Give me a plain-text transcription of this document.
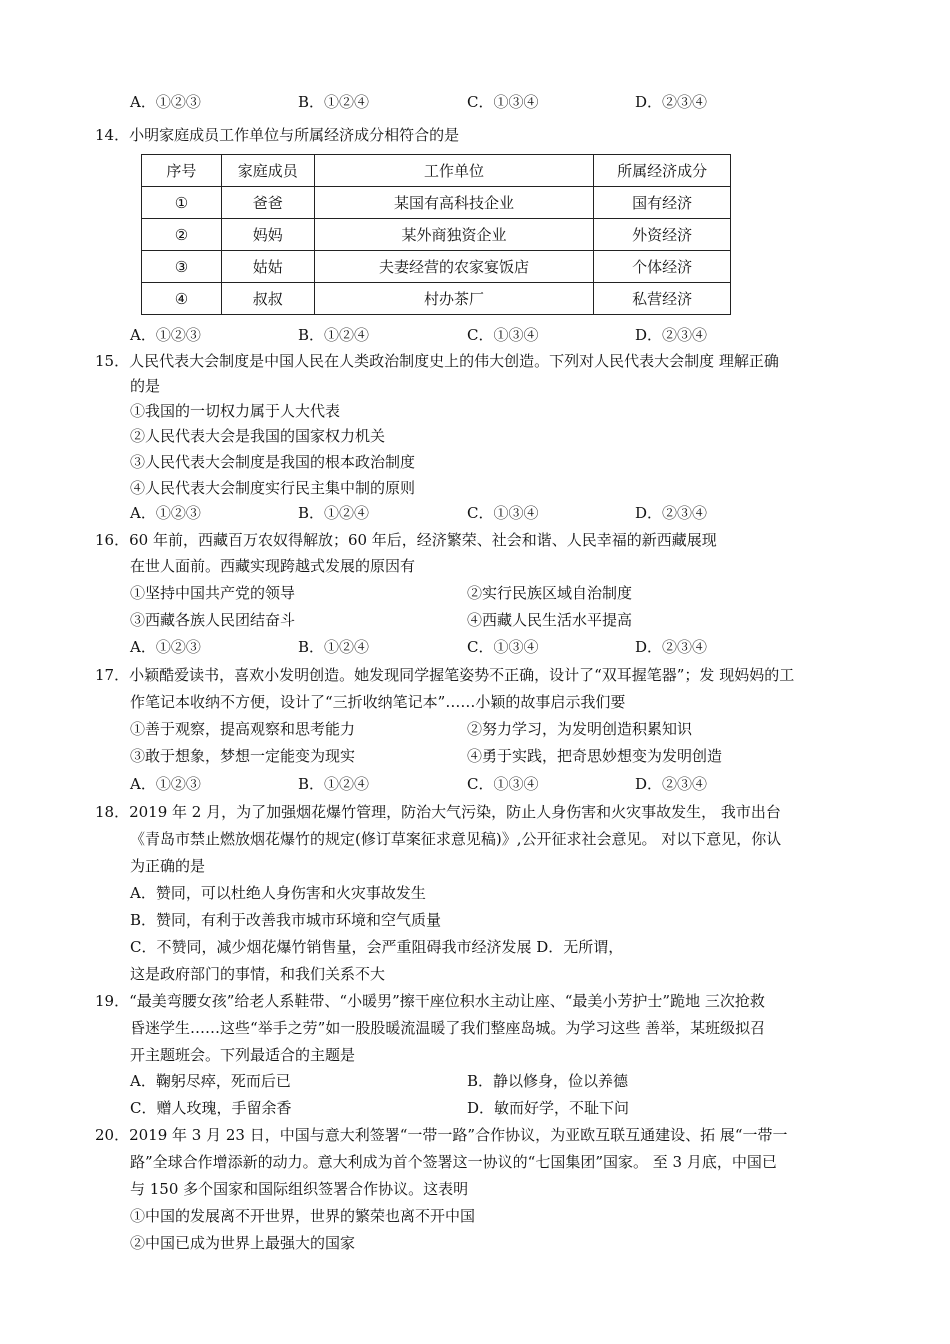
A．①②③	B．①②④	C．①③④	D．②③④
14．小明家庭成员工作单位与所属经济成分相符合的是
序号	家庭成员	工作单位	所属经济成分
①	爸爸	某国有高科技企业	国有经济
②	妈妈	某外商独资企业	外资经济
③	姑姑	夫妻经营的农家宴饭店	个体经济
④	叔叔	村办茶厂	私营经济
A．①②③	B．①②④	C．①③④	D．②③④
15．人民代表大会制度是中国人民在人类政治制度史上的伟大创造。下列对人民代表大会制度 理解正确
的是
①我国的一切权力属于人大代表
②人民代表大会是我国的国家权力机关
③人民代表大会制度是我国的根本政治制度
④人民代表大会制度实行民主集中制的原则
A．①②③	B．①②④	C．①③④	D．②③④
16．60 年前，西藏百万农奴得解放；60 年后，经济繁荣、社会和谐、人民幸福的新西藏展现
在世人面前。西藏实现跨越式发展的原因有
①坚持中国共产党的领导	②实行民族区域自治制度
③西藏各族人民团结奋斗	④西藏人民生活水平提高
A．①②③	B．①②④	C．①③④	D．②③④
17．小颖酷爱读书，喜欢小发明创造。她发现同学握笔姿势不正确，设计了“双耳握笔器”；发 现妈妈的工
作笔记本收纳不方便，设计了“三折收纳笔记本”……小颖的故事启示我们要
①善于观察，提高观察和思考能力	②努力学习，为发明创造积累知识
③敢于想象，梦想一定能变为现实	④勇于实践，把奇思妙想变为发明创造
A．①②③	B．①②④	C．①③④	D．②③④
18．2019 年 2 月，为了加强烟花爆竹管理，防治大气污染，防止人身伤害和火灾事故发生， 我市出台
《青岛市禁止燃放烟花爆竹的规定(修订草案征求意见稿)》,公开征求社会意见。 对以下意见，你认
为正确的是
A．赞同，可以杜绝人身伤害和火灾事故发生
B．赞同，有利于改善我市城市环境和空气质量
C．不赞同，减少烟花爆竹销售量，会严重阻碍我市经济发展 D．无所谓，
这是政府部门的事情，和我们关系不大
19．“最美弯腰女孩”给老人系鞋带、“小暖男”擦干座位积水主动让座、“最美小芳护士”跪地 三次抢救
昏迷学生……这些“举手之劳”如一股股暖流温暖了我们整座岛城。为学习这些 善举，某班级拟召
开主题班会。下列最适合的主题是
A．鞠躬尽瘁，死而后已	B．静以修身，俭以养德
C．赠人玫瑰，手留余香	D．敏而好学，不耻下问
20．2019 年 3 月 23 日，中国与意大利签署“一带一路”合作协议，为亚欧互联互通建设、拓 展“一带一
路”全球合作增添新的动力。意大利成为首个签署这一协议的“七国集团”国家。 至 3 月底，中国已
与 150 多个国家和国际组织签署合作协议。这表明
①中国的发展离不开世界，世界的繁荣也离不开中国
②中国已成为世界上最强大的国家
